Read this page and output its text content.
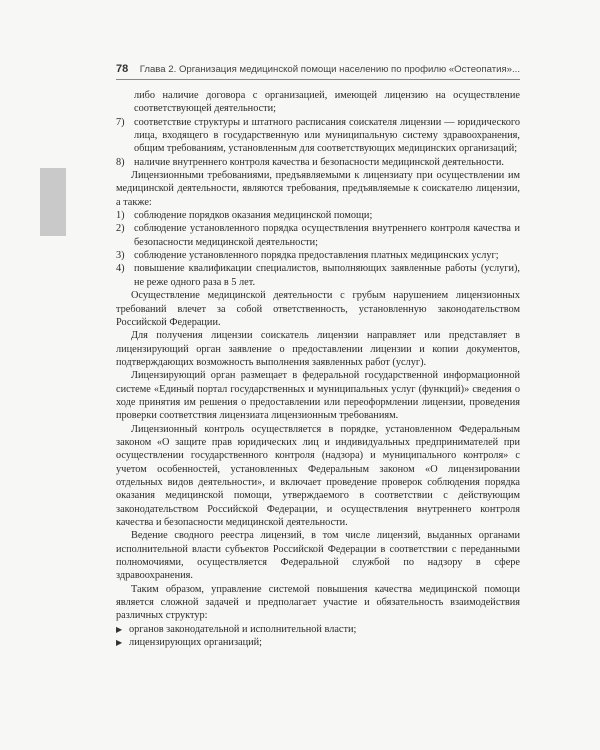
78 Глава 2. Организация медицинской помощи населению по профилю «Остеопатия»...

либо наличие договора с организацией, имеющей лицензию на осуществление соответствующей деятельности;

7) соответствие структуры и штатного расписания соискателя лицензии — юридического лица, входящего в государственную или муниципальную систему здравоохранения, общим требованиям, установленным для соответствующих медицинских организаций;
8) наличие внутреннего контроля качества и безопасности медицинской деятельности.

Лицензионными требованиями, предъявляемыми к лицензиату при осуществлении им медицинской деятельности, являются требования, предъявляемые к соискателю лицензии, а также:

1) соблюдение порядков оказания медицинской помощи;
2) соблюдение установленного порядка осуществления внутреннего контроля качества и безопасности медицинской деятельности;
3) соблюдение установленного порядка предоставления платных медицинских услуг;
4) повышение квалификации специалистов, выполняющих заявленные работы (услуги), не реже одного раза в 5 лет.

Осуществление медицинской деятельности с грубым нарушением лицензионных требований влечет за собой ответственность, установленную законодательством Российской Федерации.

Для получения лицензии соискатель лицензии направляет или представляет в лицензирующий орган заявление о предоставлении лицензии и копии документов, подтверждающих возможность выполнения заявленных работ (услуг).

Лицензирующий орган размещает в федеральной государственной информационной системе «Единый портал государственных и муниципальных услуг (функций)» сведения о ходе принятия им решения о предоставлении или переоформлении лицензии, проведения проверки соответствия лицензиата лицензионным требованиям.

Лицензионный контроль осуществляется в порядке, установленном Федеральным законом «О защите прав юридических лиц и индивидуальных предпринимателей при осуществлении государственного контроля (надзора) и муниципального контроля» с учетом особенностей, установленных Федеральным законом «О лицензировании отдельных видов деятельности», и включает проведение проверок соблюдения порядка оказания медицинской помощи, утверждаемого в соответствии с действующим законодательством Российской Федерации, и осуществления внутреннего контроля качества и безопасности медицинской деятельности.

Ведение сводного реестра лицензий, в том числе лицензий, выданных органами исполнительной власти субъектов Российской Федерации в соответствии с переданными полномочиями, осуществляется Федеральной службой по надзору в сфере здравоохранения.

Таким образом, управление системой повышения качества медицинской помощи является сложной задачей и предполагает участие и обязательность взаимодействия различных структур:

▶ органов законодательной и исполнительной власти;
▶ лицензирующих организаций;
